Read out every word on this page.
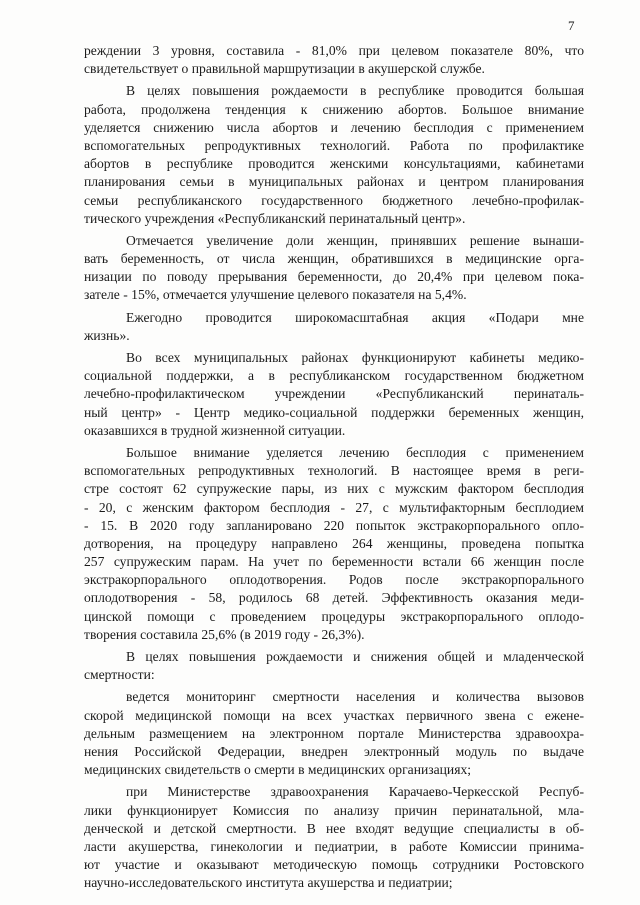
7
реждении 3 уровня, составила - 81,0% при целевом показателе 80%, что
свидетельствует о правильной маршрутизации в акушерской службе.
В целях повышения рождаемости в республике проводится большая
работа, продолжена тенденция к снижению абортов. Большое внимание
уделяется снижению числа абортов и лечению бесплодия с применением
вспомогательных репродуктивных технологий. Работа по профилактике
абортов в республике проводится женскими консультациями, кабинетами
планирования семьи в муниципальных районах и центром планирования
семьи республиканского государственного бюджетного лечебно-профилак-
тического учреждения «Республиканский перинатальный центр».
Отмечается увеличение доли женщин, принявших решение вынаши-
вать беременность, от числа женщин, обратившихся в медицинские орга-
низации по поводу прерывания беременности, до 20,4% при целевом пока-
зателе - 15%, отмечается улучшение целевого показателя на 5,4%.
Ежегодно проводится широкомасштабная акция «Подари мне
жизнь».
Во всех муниципальных районах функционируют кабинеты медико-
социальной поддержки, а в республиканском государственном бюджетном
лечебно-профилактическом учреждении «Республиканский перинаталь-
ный центр» - Центр медико-социальной поддержки беременных женщин,
оказавшихся в трудной жизненной ситуации.
Большое внимание уделяется лечению бесплодия с применением
вспомогательных репродуктивных технологий. В настоящее время в реги-
стре состоят 62 супружеские пары, из них с мужским фактором бесплодия
- 20, с женским фактором бесплодия - 27, с мультифакторным бесплодием
- 15. В 2020 году запланировано 220 попыток экстракорпорального опло-
дотворения, на процедуру направлено 264 женщины, проведена попытка
257 супружеским парам. На учет по беременности встали 66 женщин после
экстракорпорального оплодотворения. Родов после экстракорпорального
оплодотворения - 58, родилось 68 детей. Эффективность оказания меди-
цинской помощи с проведением процедуры экстракорпорального оплодо-
творения составила 25,6% (в 2019 году - 26,3%).
В целях повышения рождаемости и снижения общей и младенческой
смертности:
ведется мониторинг смертности населения и количества вызовов
скорой медицинской помощи на всех участках первичного звена с еженe-
дельным размещением на электронном портале Министерства здравоохра-
нения Российской Федерации, внедрен электронный модуль по выдаче
медицинских свидетельств о смерти в медицинских организациях;
при Министерстве здравоохранения Карачаево-Черкесской Респуб-
лики функционирует Комиссия по анализу причин перинатальной, мла-
денческой и детской смертности. В нее входят ведущие специалисты в об-
ласти акушерства, гинекологии и педиатрии, в работе Комиссии принима-
ют участие и оказывают методическую помощь сотрудники Ростовского
научно-исследовательского института акушерства и педиатрии;
